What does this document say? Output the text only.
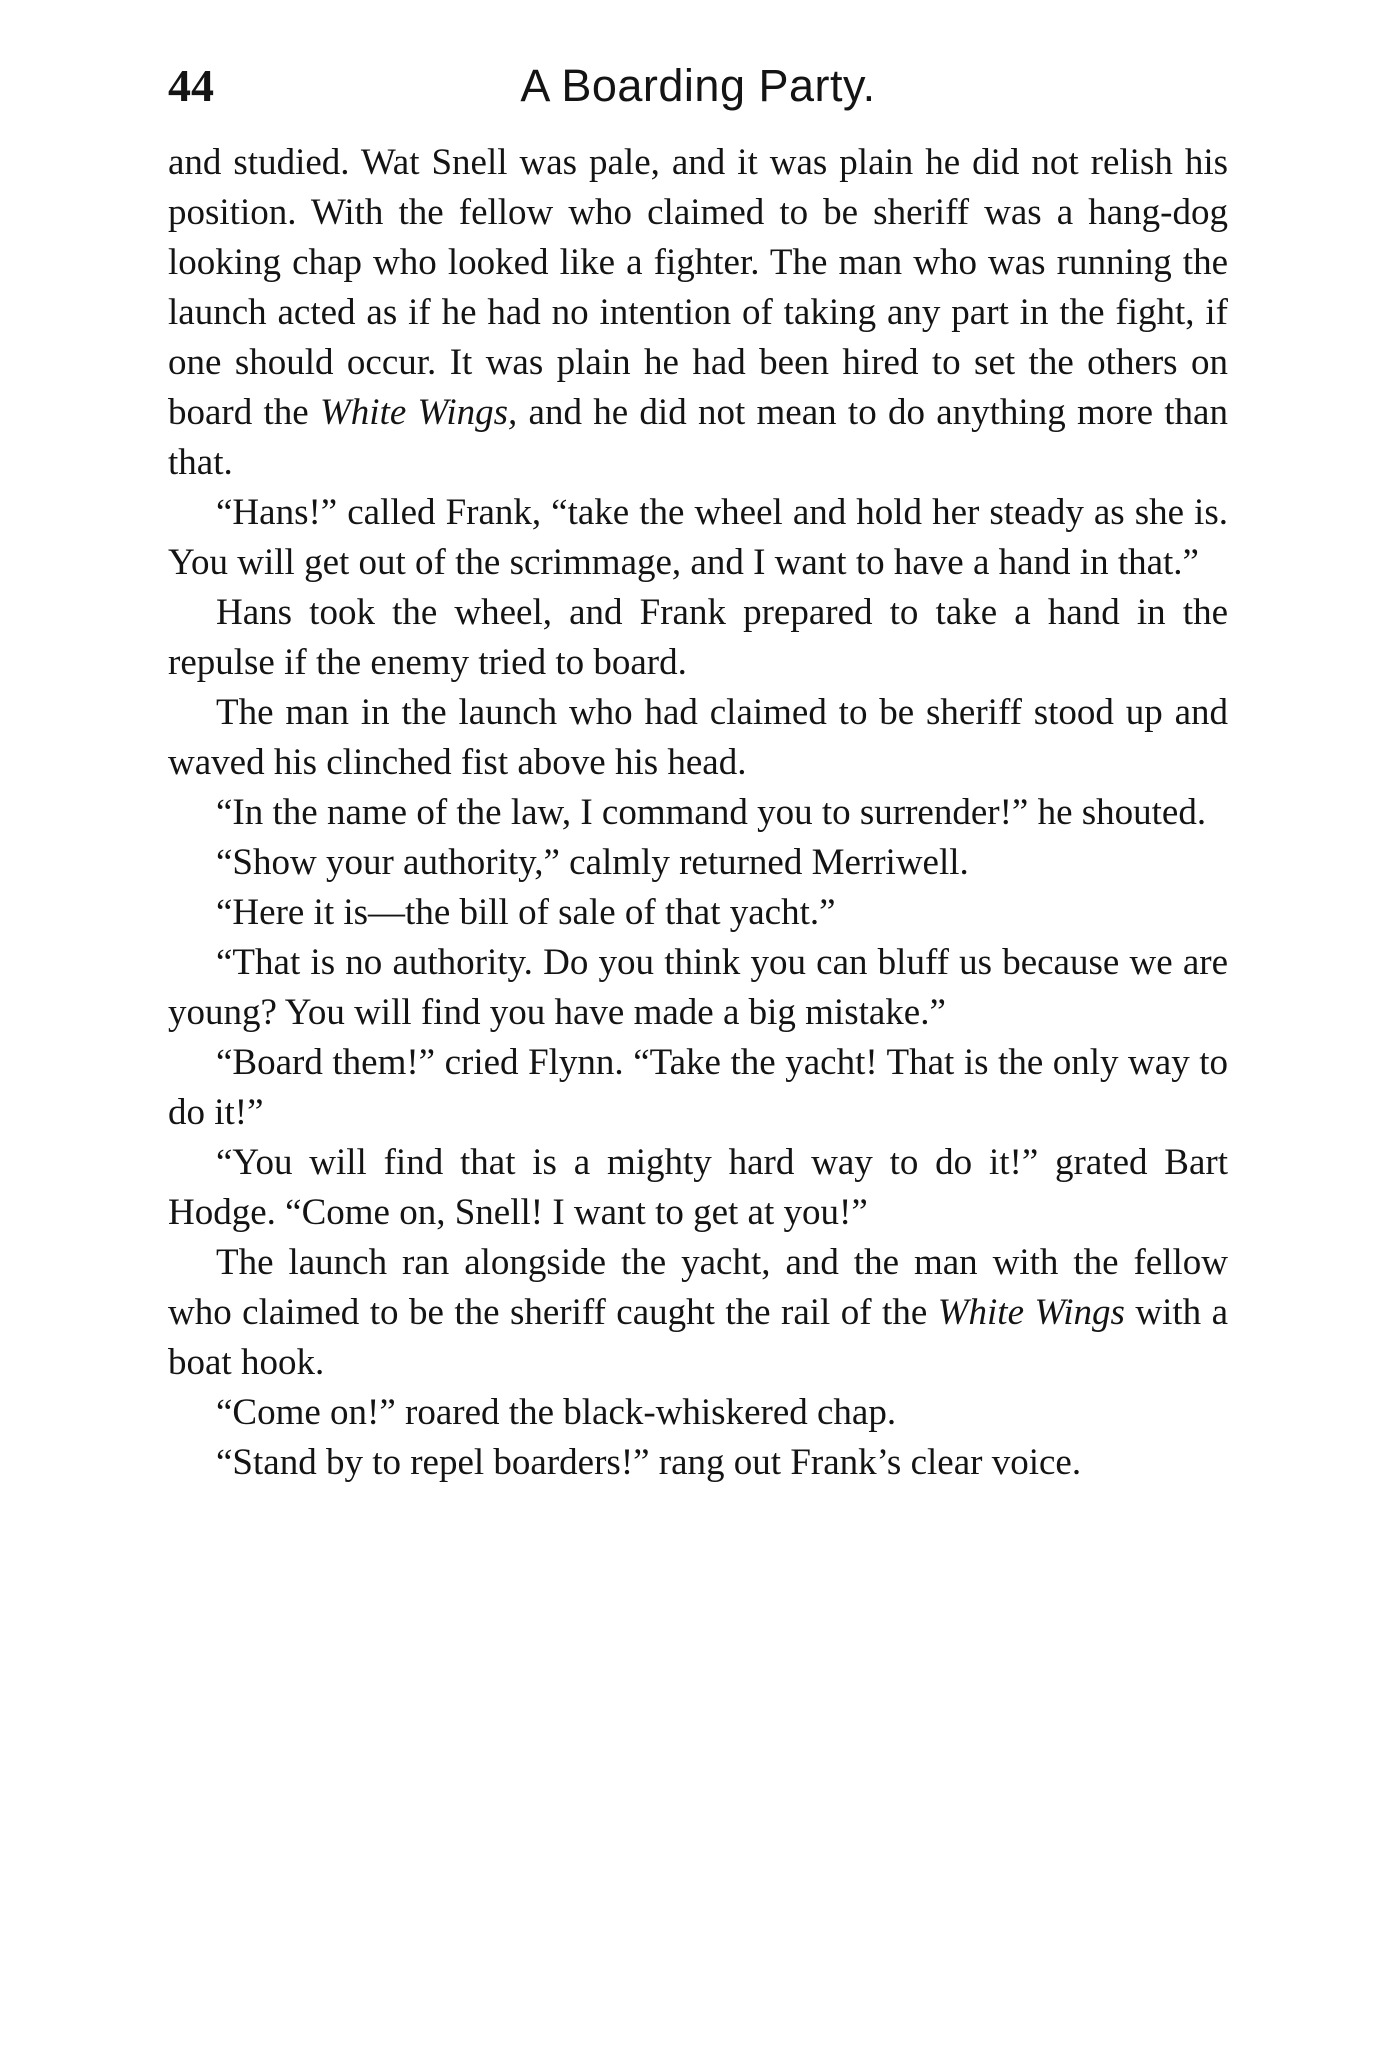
44	A Boarding Party.

and studied. Wat Snell was pale, and it was plain he did not relish his position. With the fellow who claimed to be sheriff was a hang-dog looking chap who looked like a fighter. The man who was running the launch acted as if he had no intention of taking any part in the fight, if one should occur. It was plain he had been hired to set the others on board the White Wings, and he did not mean to do anything more than that.

“Hans!” called Frank, “take the wheel and hold her steady as she is. You will get out of the scrimmage, and I want to have a hand in that.”

Hans took the wheel, and Frank prepared to take a hand in the repulse if the enemy tried to board.

The man in the launch who had claimed to be sheriff stood up and waved his clinched fist above his head.

“In the name of the law, I command you to surrender!” he shouted.

“Show your authority,” calmly returned Merriwell.

“Here it is—the bill of sale of that yacht.”

“That is no authority. Do you think you can bluff us because we are young? You will find you have made a big mistake.”

“Board them!” cried Flynn. “Take the yacht! That is the only way to do it!”

“You will find that is a mighty hard way to do it!” grated Bart Hodge. “Come on, Snell! I want to get at you!”

The launch ran alongside the yacht, and the man with the fellow who claimed to be the sheriff caught the rail of the White Wings with a boat hook.

“Come on!” roared the black-whiskered chap.

“Stand by to repel boarders!” rang out Frank’s clear voice.
